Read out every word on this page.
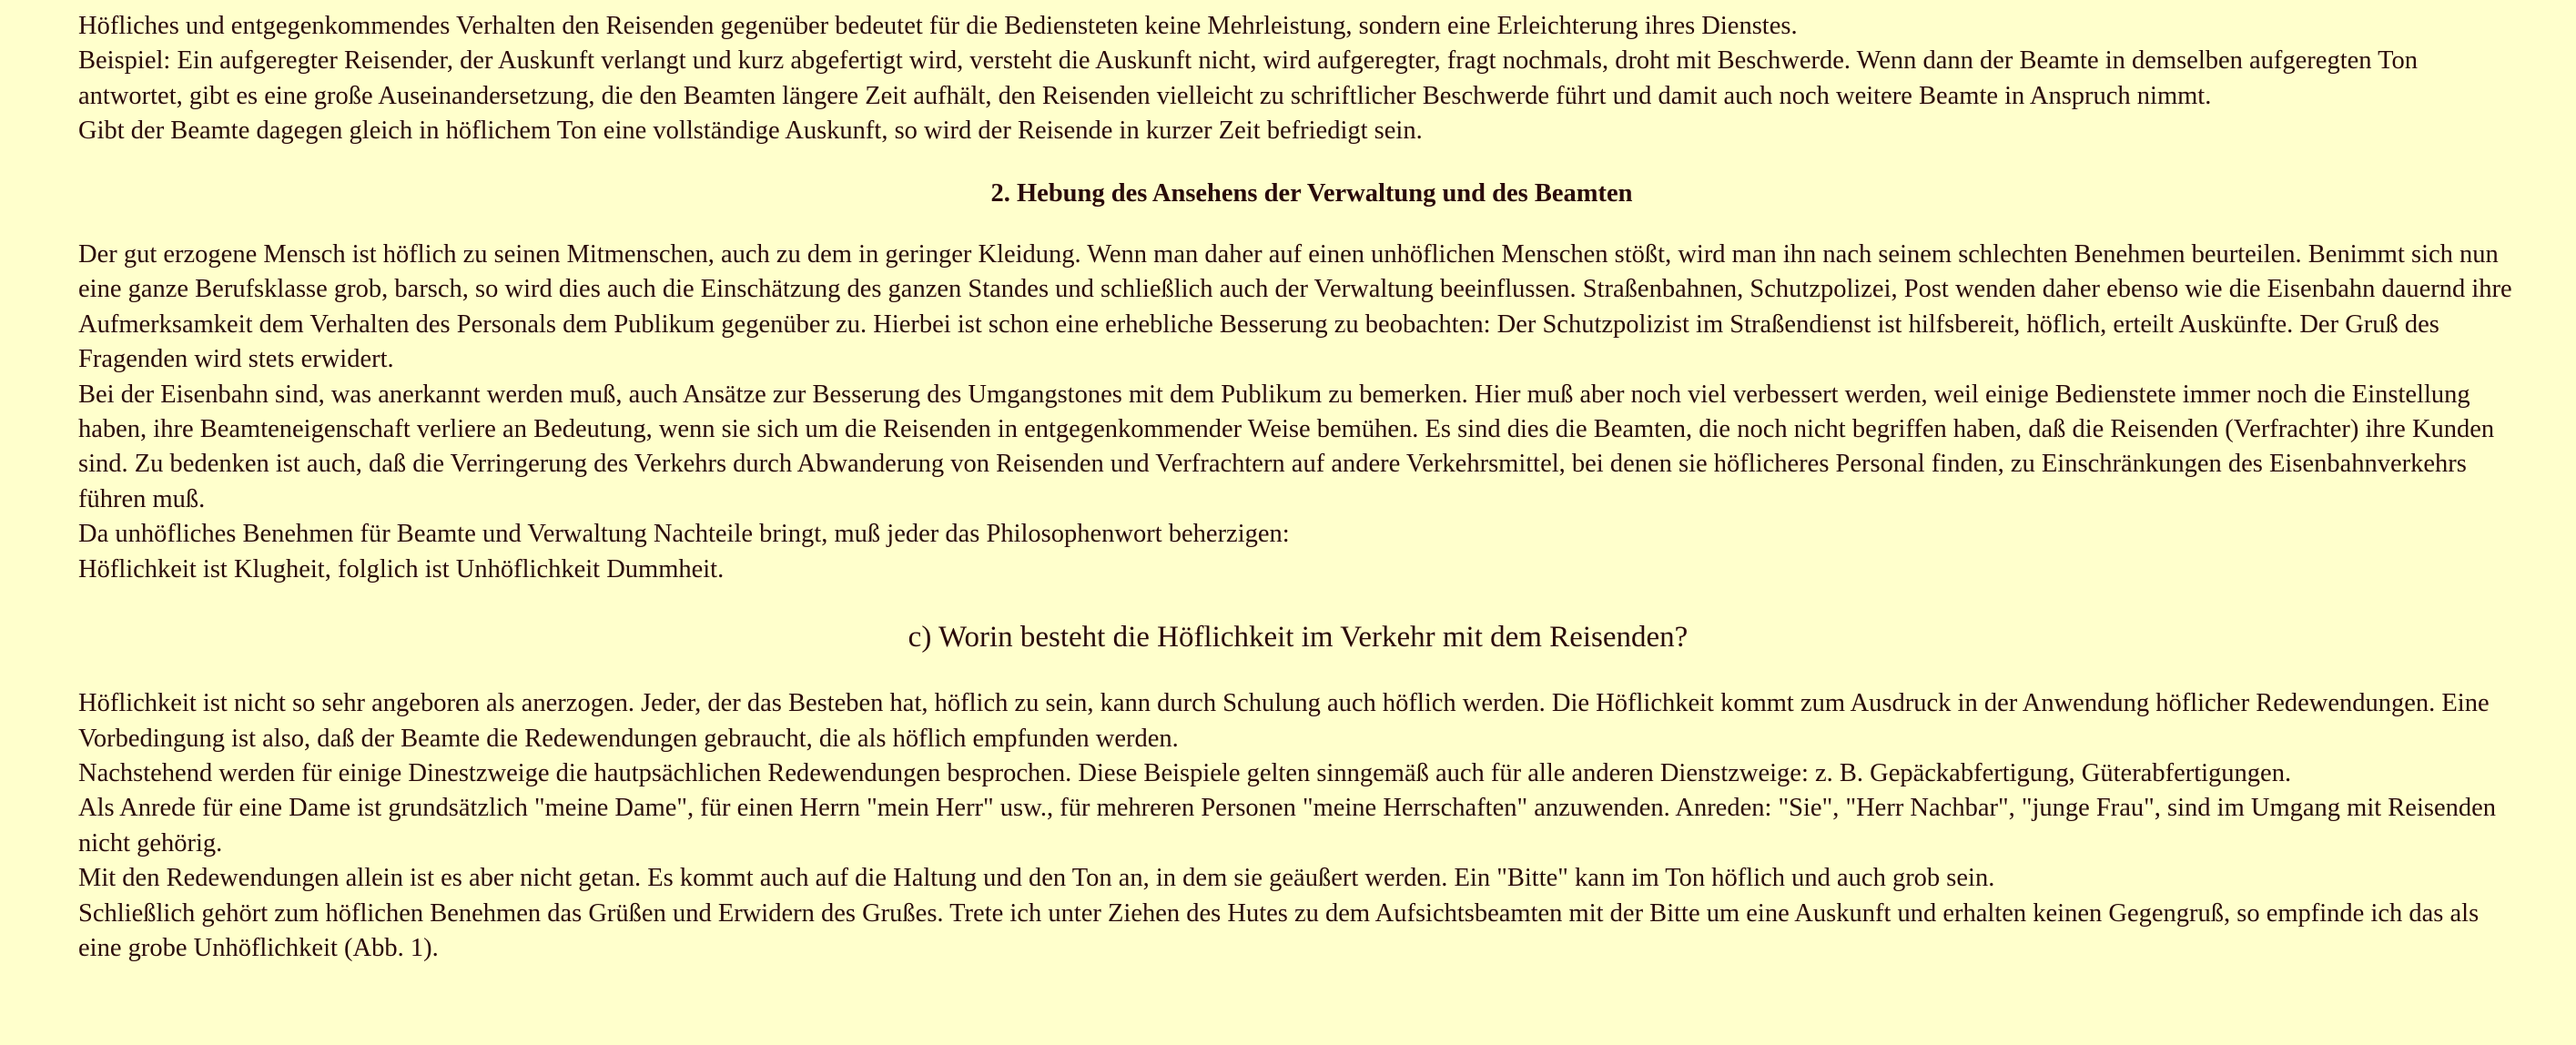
Höfliches und entgegenkommendes Verhalten den Reisenden gegenüber bedeutet für die Bediensteten keine Mehrleistung, sondern eine Erleichterung ihres Dienstes.

Beispiel: Ein aufgeregter Reisender, der Auskunft verlangt und kurz abgefertigt wird, versteht die Auskunft nicht, wird aufgeregter, fragt nochmals, droht mit Beschwerde. Wenn dann der Beamte in demselben aufgeregten Ton antwortet, gibt es eine große Auseinandersetzung, die den Beamten längere Zeit aufhält, den Reisenden vielleicht zu schriftlicher Beschwerde führt und damit auch noch weitere Beamte in Anspruch nimmt.

Gibt der Beamte dagegen gleich in höflichem Ton eine vollständige Auskunft, so wird der Reisende in kurzer Zeit befriedigt sein.

2. Hebung des Ansehens der Verwaltung und des Beamten

Der gut erzogene Mensch ist höflich zu seinen Mitmenschen, auch zu dem in geringer Kleidung. Wenn man daher auf einen unhöflichen Menschen stößt, wird man ihn nach seinem schlechten Benehmen beurteilen. Benimmt sich nun eine ganze Berufsklasse grob, barsch, so wird dies auch die Einschätzung des ganzen Standes und schließlich auch der Verwaltung beeinflussen. Straßenbahnen, Schutzpolizei, Post wenden daher ebenso wie die Eisenbahn dauernd ihre Aufmerksamkeit dem Verhalten des Personals dem Publikum gegenüber zu. Hierbei ist schon eine erhebliche Besserung zu beobachten: Der Schutzpolizist im Straßendienst ist hilfsbereit, höflich, erteilt Auskünfte. Der Gruß des Fragenden wird stets erwidert.

Bei der Eisenbahn sind, was anerkannt werden muß, auch Ansätze zur Besserung des Umgangstones mit dem Publikum zu bemerken. Hier muß aber noch viel verbessert werden, weil einige Bedienstete immer noch die Einstellung haben, ihre Beamteneigenschaft verliere an Bedeutung, wenn sie sich um die Reisenden in entgegenkommender Weise bemühen. Es sind dies die Beamten, die noch nicht begriffen haben, daß die Reisenden (Verfrachter) ihre Kunden sind. Zu bedenken ist auch, daß die Verringerung des Verkehrs durch Abwanderung von Reisenden und Verfrachtern auf andere Verkehrsmittel, bei denen sie höflicheres Personal finden, zu Einschränkungen des Eisenbahnverkehrs führen muß.

Da unhöfliches Benehmen für Beamte und Verwaltung Nachteile bringt, muß jeder das Philosophenwort beherzigen:

Höflichkeit ist Klugheit, folglich ist Unhöflichkeit Dummheit.

c) Worin besteht die Höflichkeit im Verkehr mit dem Reisenden?

Höflichkeit ist nicht so sehr angeboren als anerzogen. Jeder, der das Besteben hat, höflich zu sein, kann durch Schulung auch höflich werden. Die Höflichkeit kommt zum Ausdruck in der Anwendung höflicher Redewendungen. Eine Vorbedingung ist also, daß der Beamte die Redewendungen gebraucht, die als höflich empfunden werden.

Nachstehend werden für einige Dinestzweige die hautpsächlichen Redewendungen besprochen. Diese Beispiele gelten sinngemäß auch für alle anderen Dienstzweige: z. B. Gepäckabfertigung, Güterabfertigungen.

Als Anrede für eine Dame ist grundsätzlich "meine Dame", für einen Herrn "mein Herr" usw., für mehreren Personen "meine Herrschaften" anzuwenden. Anreden: "Sie", "Herr Nachbar", "junge Frau", sind im Umgang mit Reisenden nicht gehörig.

Mit den Redewendungen allein ist es aber nicht getan. Es kommt auch auf die Haltung und den Ton an, in dem sie geäußert werden. Ein "Bitte" kann im Ton höflich und auch grob sein.

Schließlich gehört zum höflichen Benehmen das Grüßen und Erwidern des Grußes. Trete ich unter Ziehen des Hutes zu dem Aufsichtsbeamten mit der Bitte um eine Auskunft und erhalten keinen Gegengruß, so empfinde ich das als eine grobe Unhöflichkeit (Abb. 1).
